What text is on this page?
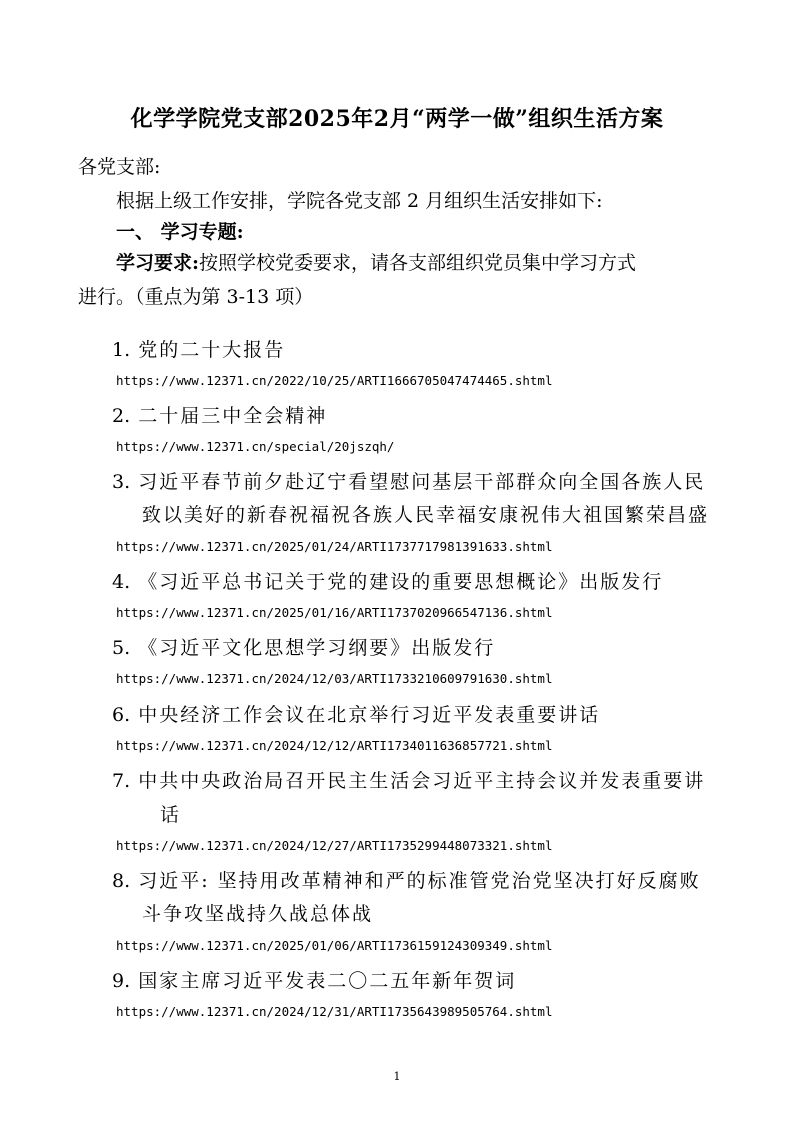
化学学院党支部2025年2月“两学一做”组织生活方案
各党支部:
根据上级工作安排，学院各党支部 2 月组织生活安排如下:
一、 学习专题:
学习要求:按照学校党委要求，请各支部组织党员集中学习方式
进行。（重点为第 3-13 项）
1. 党的二十大报告
https://www.12371.cn/2022/10/25/ARTI1666705047474465.shtml
2. 二十届三中全会精神
https://www.12371.cn/special/20jszqh/
3. 习近平春节前夕赴辽宁看望慰问基层干部群众向全国各族人民
致以美好的新春祝福祝各族人民幸福安康祝伟大祖国繁荣昌盛
https://www.12371.cn/2025/01/24/ARTI1737717981391633.shtml
4. 《习近平总书记关于党的建设的重要思想概论》出版发行
https://www.12371.cn/2025/01/16/ARTI1737020966547136.shtml
5. 《习近平文化思想学习纲要》出版发行
https://www.12371.cn/2024/12/03/ARTI1733210609791630.shtml
6. 中央经济工作会议在北京举行习近平发表重要讲话
https://www.12371.cn/2024/12/12/ARTI1734011636857721.shtml
7. 中共中央政治局召开民主生活会习近平主持会议并发表重要讲
话
https://www.12371.cn/2024/12/27/ARTI1735299448073321.shtml
8. 习近平: 坚持用改革精神和严的标准管党治党坚决打好反腐败
斗争攻坚战持久战总体战
https://www.12371.cn/2025/01/06/ARTI1736159124309349.shtml
9. 国家主席习近平发表二〇二五年新年贺词
https://www.12371.cn/2024/12/31/ARTI1735643989505764.shtml
1
